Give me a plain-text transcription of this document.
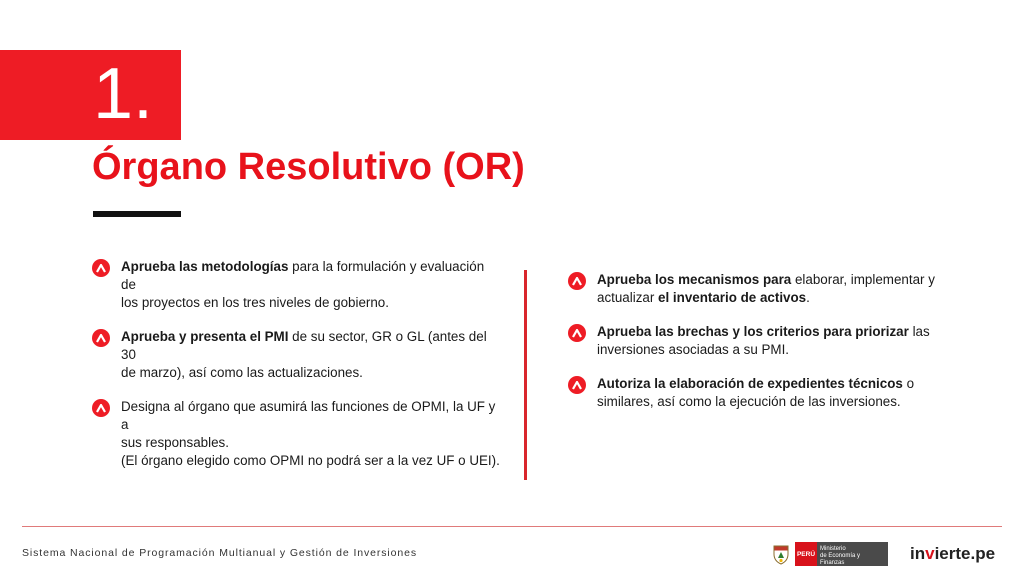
1.
Órgano Resolutivo (OR)
Aprueba las metodologías para la formulación y evaluación de
los proyectos en los tres niveles de gobierno.
Aprueba y presenta el PMI de su sector, GR o GL (antes del 30
de marzo), así como las actualizaciones.
Designa al órgano que asumirá las funciones de OPMI, la UF y a
sus responsables.
(El órgano elegido como OPMI no podrá ser a la vez UF o UEI).
Aprueba los mecanismos para elaborar, implementar y
actualizar el inventario de activos.
Aprueba las brechas y los criterios para priorizar las
inversiones asociadas a su PMI.
Autoriza la elaboración de expedientes técnicos o
similares, así como la ejecución de las inversiones.
Sistema Nacional de Programación Multianual y Gestión de Inversiones	PERÚ
Ministerio
de Economía y Finanzas	invierte.pe
